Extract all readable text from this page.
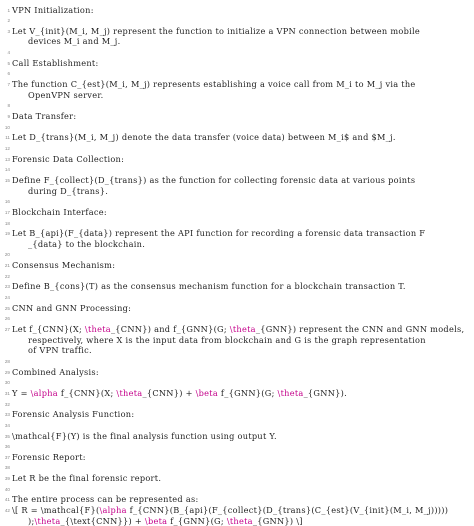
1 VPN Initialization:
2
3 Let V_{init}(M_i, M_j) represent the function to initialize a VPN connection between mobile
devices M_i and M_j.
4
5 Call Establishment:
6
7 The function C_{est}(M_i, M_j) represents establishing a voice call from M_i to M_j via the
OpenVPN server.
8
9 Data Transfer:
10
11 Let D_{trans}(M_i, M_j) denote the data transfer (voice data) between M_i$ and $M_j.
12
13 Forensic Data Collection:
14
15 Define F_{collect}(D_{trans}) as the function for collecting forensic data at various points
during D_{trans}.
16
17 Blockchain Interface:
18
19 Let B_{api}(F_{data}) represent the API function for recording a forensic data transaction F
_{data} to the blockchain.
20
21 Consensus Mechanism:
22
23 Define B_{cons}(T) as the consensus mechanism function for a blockchain transaction T.
24
25 CNN and GNN Processing:
26
27 Let f_{CNN}(X; \theta_{CNN}) and f_{GNN}(G; \theta_{GNN}) represent the CNN and GNN models,
respectively, where X is the input data from blockchain and G is the graph representation
of VPN traffic.
28
29 Combined Analysis:
30
31 Y = \alpha f_{CNN}(X; \theta_{CNN}) + \beta f_{GNN}(G; \theta_{GNN}).
32
33 Forensic Analysis Function:
34
35 \mathcal{F}(Y) is the final analysis function using output Y.
36
37 Forensic Report:
38
39 Let R be the final forensic report.
40
41 The entire process can be represented as:
42 \[ R = \mathcal{F}(\alpha f_{CNN}(B_{api}(F_{collect}(D_{trans}(C_{est}(V_{init}(M_i, M_j)))))
);\theta_{\text{CNN}}) + \beta f_{GNN}(G; \theta_{GNN}) \]
